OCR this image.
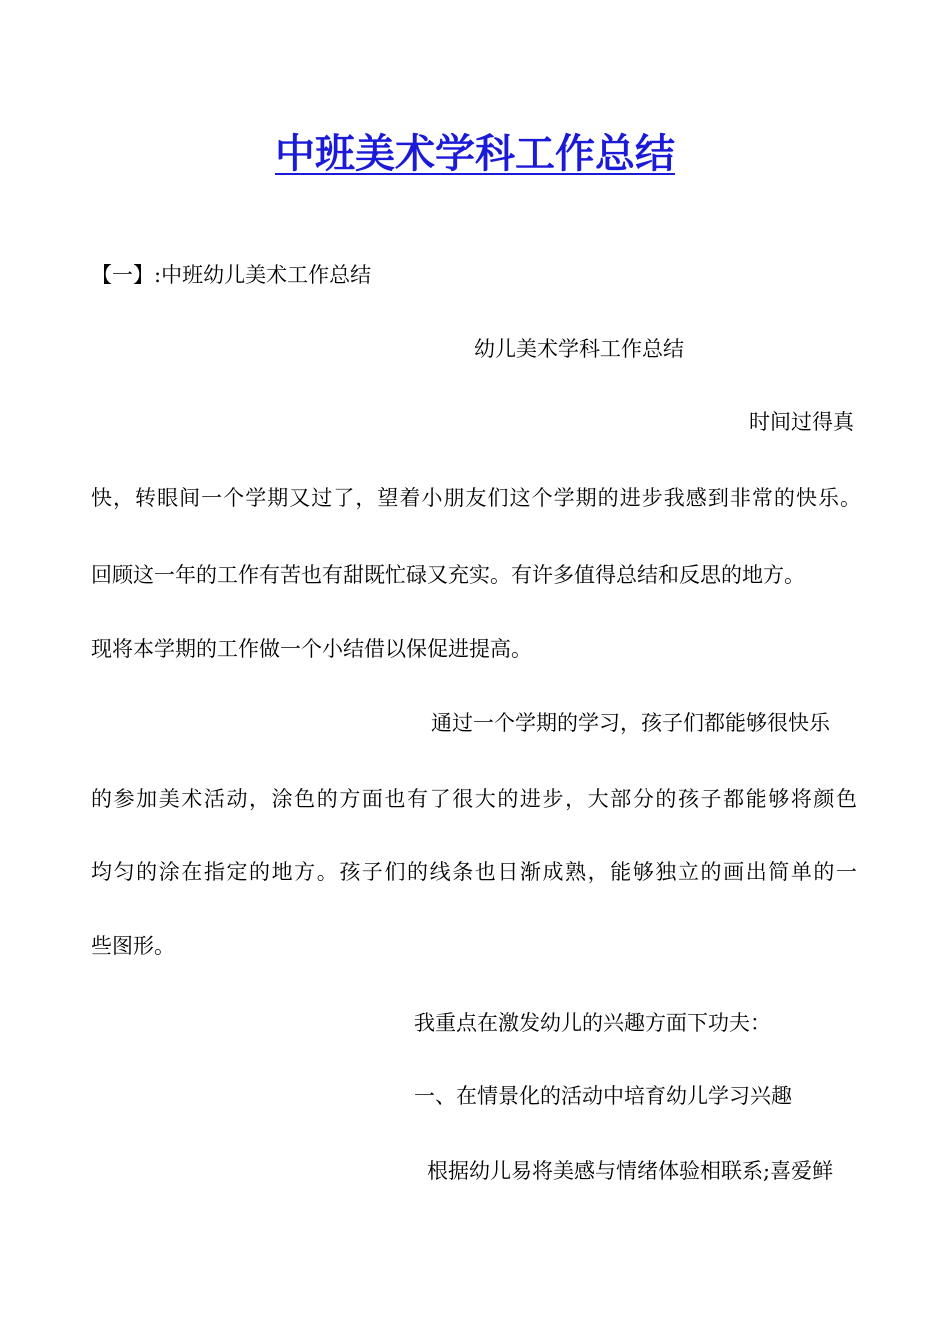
中班美术学科工作总结
【一】:中班幼儿美术工作总结
幼儿美术学科工作总结
时间过得真
快，转眼间一个学期又过了，望着小朋友们这个学期的进步我感到非常的快乐。
回顾这一年的工作有苦也有甜既忙碌又充实。有许多值得总结和反思的地方。
现将本学期的工作做一个小结借以保促进提高。
通过一个学期的学习，孩子们都能够很快乐
的参加美术活动，涂色的方面也有了很大的进步，大部分的孩子都能够将颜色
均匀的涂在指定的地方。孩子们的线条也日渐成熟，能够独立的画出简单的一
些图形。
我重点在激发幼儿的兴趣方面下功夫：
一、在情景化的活动中培育幼儿学习兴趣
根据幼儿易将美感与情绪体验相联系;喜爱鲜
